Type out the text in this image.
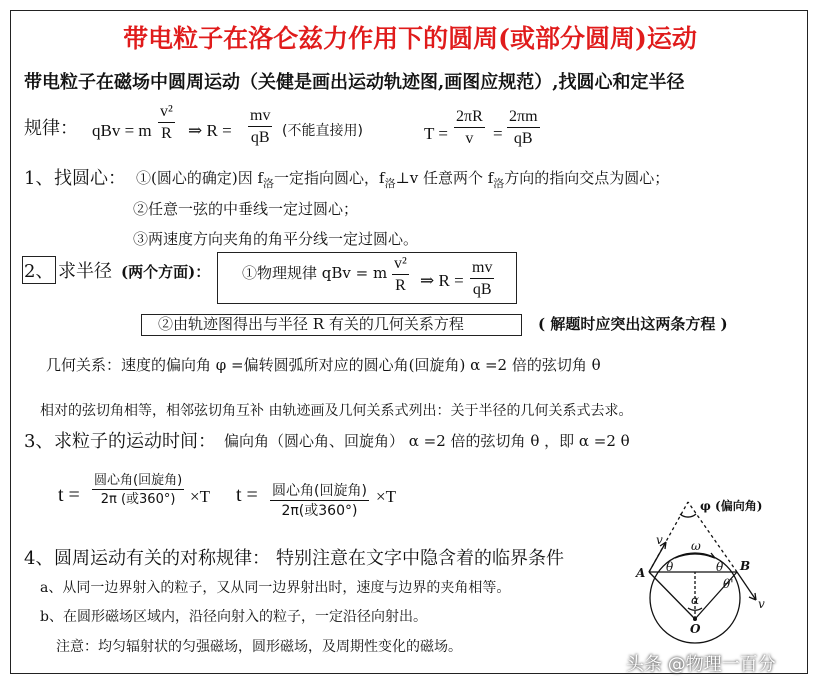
带电粒子在洛仑兹力作用下的圆周(或部分圆周)运动
带电粒子在磁场中圆周运动（关健是画出运动轨迹图,画图应规范）,找圆心和定半径
规律： qBv = m
v²
R ⇒ R =
mv
qB (不能直接用)	T =
2πR
v =
2πm
qB
1、 找圆心： ①(圆心的确定)因 $f_洛$一定指向圆心，$f_洛\perp v$ 任意两个 $f_洛$方向的指向交点为圆心；
②任意一弦的中垂线一定过圆心；
③两速度方向夹角的角平分线一定过圆心。
2、 求半径 (两个方面)： ①物理规律 qBv = m
v²
R ⇒ R =
mv
qB
②由轨迹图得出与半径 R 有关的几何关系方程	( 解题时应突出这两条方程 )
几何关系：速度的偏向角 φ =偏转圆弧所对应的圆心角(回旋角) α =2 倍的弦切角 θ
相对的弦切角相等，相邻弦切角互补 由轨迹画及几何关系式列出：关于半径的几何关系式去求。
3、 求粒子的运动时间： 偏向角（圆心角、回旋角） α =2 倍的弦切角 θ ，即 α =2 θ
t =
圆心角(回旋角)
2π (或360°) ×T t = 圆心角(回旋角)
2π(或360°)
×T
4、 圆周运动有关的对称规律： 特别注意在文字中隐含着的临界条件
a、从同一边界射入的粒子，又从同一边界射出时，速度与边界的夹角相等。
b、在圆形磁场区域内，沿径向射入的粒子，一定沿径向射出。
注意：均匀辐射状的匀强磁场，圆形磁场，及周期性变化的磁场。
φ (偏向角)
A	B
O
v
v
ω
θ	θ
θ'
α
头条 @物理一百分
